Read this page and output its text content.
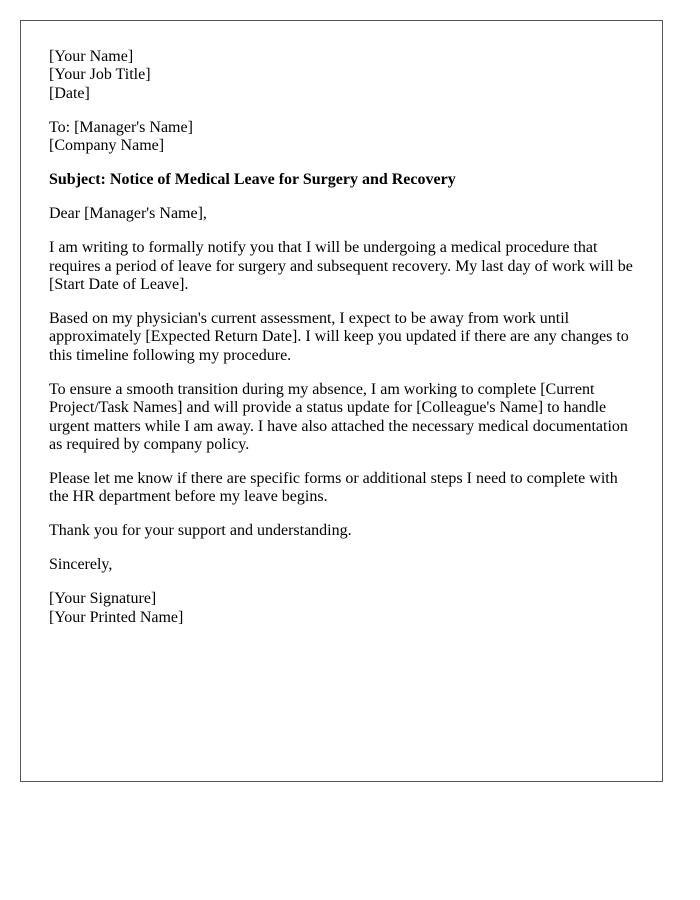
[Your Name]
[Your Job Title]
[Date]

To: [Manager's Name]
[Company Name]

Subject: Notice of Medical Leave for Surgery and Recovery

Dear [Manager's Name],

I am writing to formally notify you that I will be undergoing a medical procedure that requires a period of leave for surgery and subsequent recovery. My last day of work will be [Start Date of Leave].

Based on my physician's current assessment, I expect to be away from work until approximately [Expected Return Date]. I will keep you updated if there are any changes to this timeline following my procedure.

To ensure a smooth transition during my absence, I am working to complete [Current Project/Task Names] and will provide a status update for [Colleague's Name] to handle urgent matters while I am away. I have also attached the necessary medical documentation as required by company policy.

Please let me know if there are specific forms or additional steps I need to complete with the HR department before my leave begins.

Thank you for your support and understanding.

Sincerely,

[Your Signature]
[Your Printed Name]
